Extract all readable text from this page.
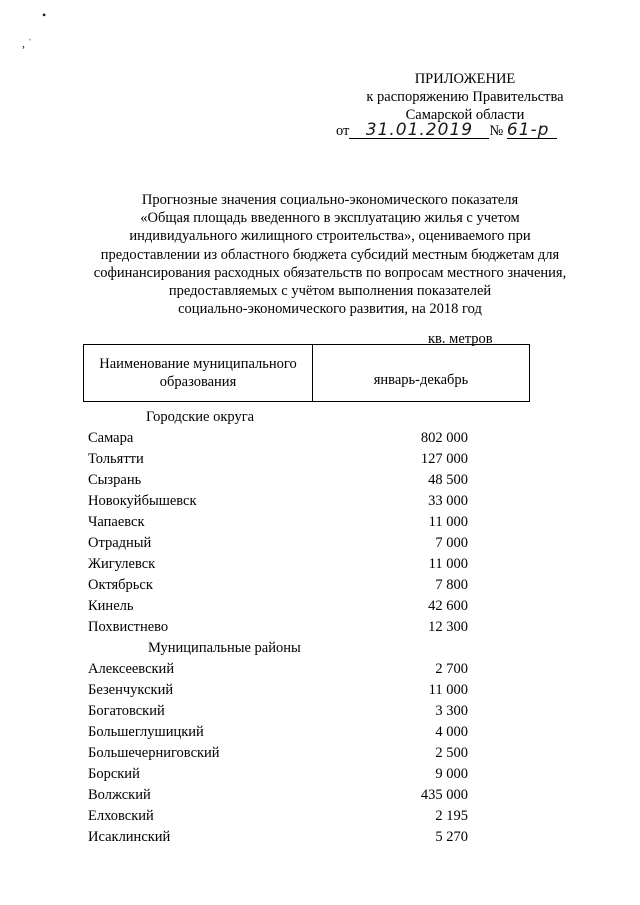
•
, ˈ
ПРИЛОЖЕНИЕ
к распоряжению Правительства
Самарской области
от 31.01.2019 № 61-р
Прогнозные значения социально-экономического показателя
«Общая площадь введенного в эксплуатацию жилья с учетом
индивидуального жилищного строительства», оцениваемого при
предоставлении из областного бюджета субсидий местным бюджетам для
софинансирования расходных обязательств по вопросам местного значения,
предоставляемых с учётом выполнения показателей
социально-экономического развития, на 2018 год
кв. метров
Наименование муниципального
образования	январь-декабрь
Городские округа
Самара	802 000
Тольятти	127 000
Сызрань	48 500
Новокуйбышевск	33 000
Чапаевск	11 000
Отрадный	7 000
Жигулевск	11 000
Октябрьск	7 800
Кинель	42 600
Похвистнево	12 300
Муниципальные районы
Алексеевский	2 700
Безенчукский	11 000
Богатовский	3 300
Большеглушицкий	4 000
Большечерниговский	2 500
Борский	9 000
Волжский	435 000
Елховский	2 195
Исаклинский	5 270
